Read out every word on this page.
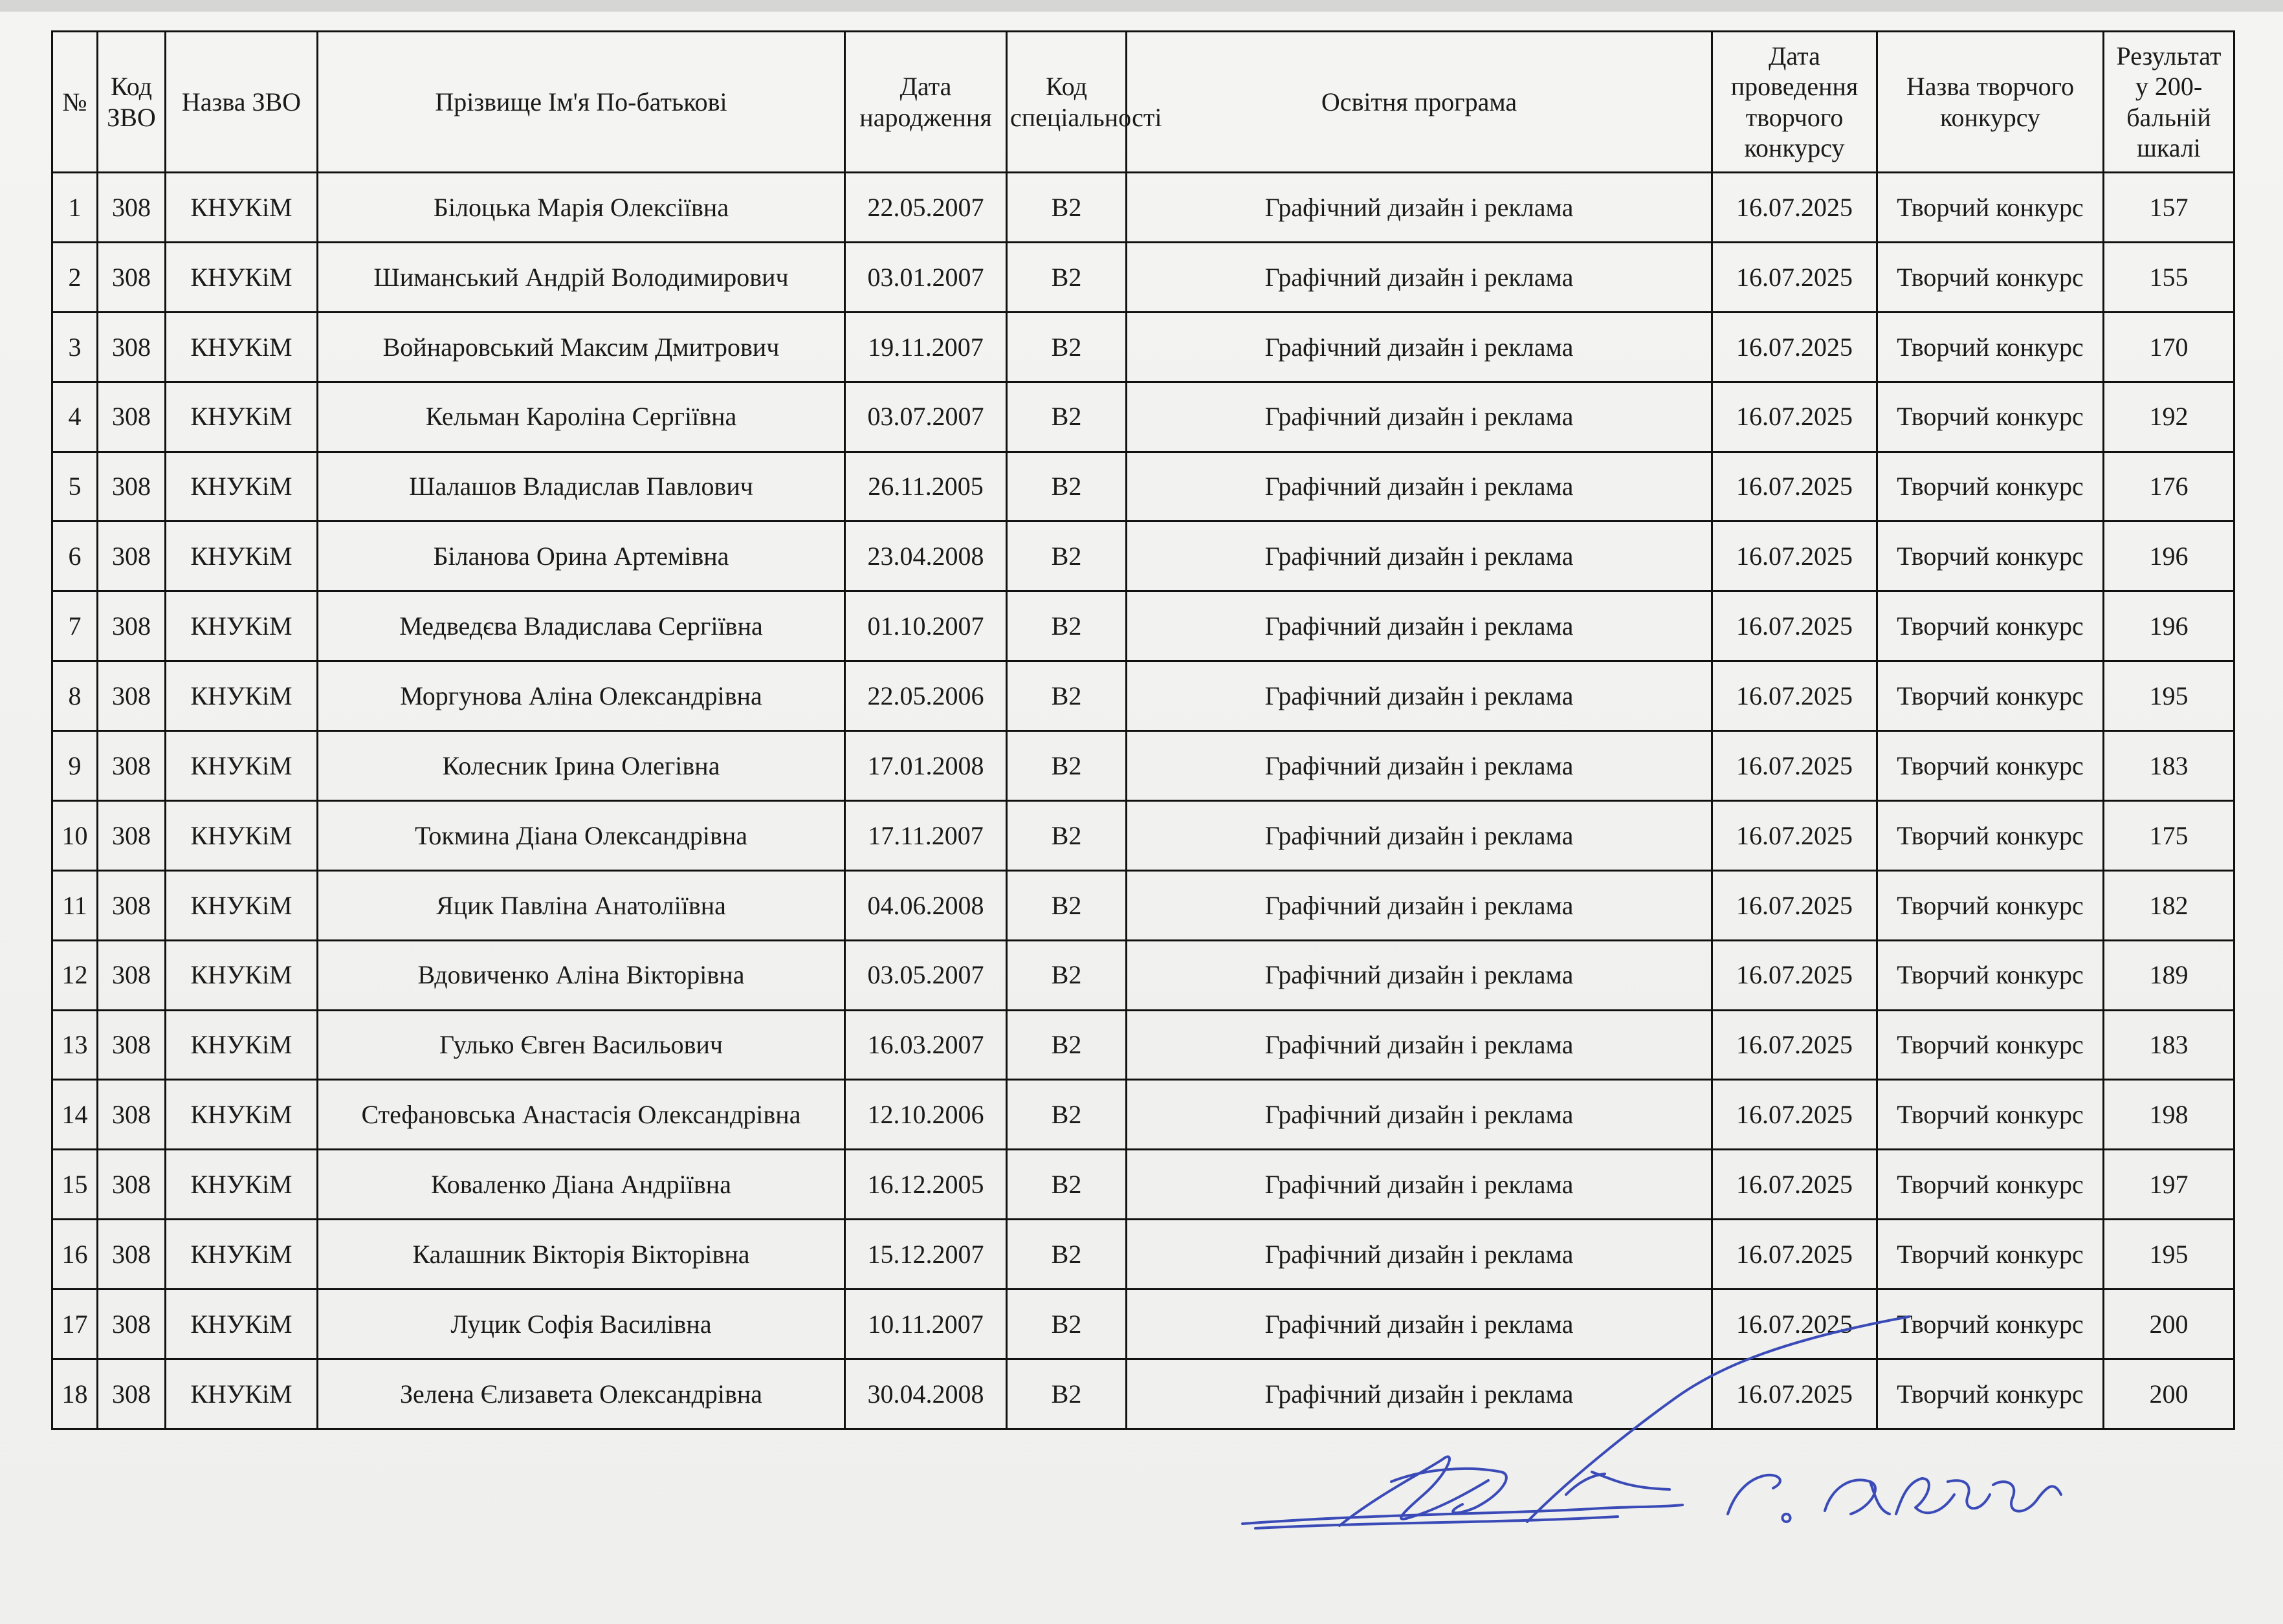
№	Код ЗВО	Назва ЗВО	Прізвище Ім'я По-батькові	Дата народження	Код спеціальності	Освітня програма	Дата проведення творчого конкурсу	Назва творчого конкурсу	Результат у 200-бальній шкалі
1	308	КНУКіМ	Білоцька Марія Олексіївна	22.05.2007	В2	Графічний дизайн і реклама	16.07.2025	Творчий конкурс	157
2	308	КНУКіМ	Шиманський Андрій Володимирович	03.01.2007	В2	Графічний дизайн і реклама	16.07.2025	Творчий конкурс	155
3	308	КНУКіМ	Войнаровський Максим Дмитрович	19.11.2007	В2	Графічний дизайн і реклама	16.07.2025	Творчий конкурс	170
4	308	КНУКіМ	Кельман Кароліна Сергіївна	03.07.2007	В2	Графічний дизайн і реклама	16.07.2025	Творчий конкурс	192
5	308	КНУКіМ	Шалашов Владислав Павлович	26.11.2005	В2	Графічний дизайн і реклама	16.07.2025	Творчий конкурс	176
6	308	КНУКіМ	Біланова Орина Артемівна	23.04.2008	В2	Графічний дизайн і реклама	16.07.2025	Творчий конкурс	196
7	308	КНУКіМ	Медведєва Владислава Сергіївна	01.10.2007	В2	Графічний дизайн і реклама	16.07.2025	Творчий конкурс	196
8	308	КНУКіМ	Моргунова Аліна Олександрівна	22.05.2006	В2	Графічний дизайн і реклама	16.07.2025	Творчий конкурс	195
9	308	КНУКіМ	Колесник Ірина Олегівна	17.01.2008	В2	Графічний дизайн і реклама	16.07.2025	Творчий конкурс	183
10	308	КНУКіМ	Токмина Діана Олександрівна	17.11.2007	В2	Графічний дизайн і реклама	16.07.2025	Творчий конкурс	175
11	308	КНУКіМ	Яцик Павліна Анатоліївна	04.06.2008	В2	Графічний дизайн і реклама	16.07.2025	Творчий конкурс	182
12	308	КНУКіМ	Вдовиченко Аліна Вікторівна	03.05.2007	В2	Графічний дизайн і реклама	16.07.2025	Творчий конкурс	189
13	308	КНУКіМ	Гулько Євген Васильович	16.03.2007	В2	Графічний дизайн і реклама	16.07.2025	Творчий конкурс	183
14	308	КНУКіМ	Стефановська Анастасія Олександрівна	12.10.2006	В2	Графічний дизайн і реклама	16.07.2025	Творчий конкурс	198
15	308	КНУКіМ	Коваленко Діана Андріївна	16.12.2005	В2	Графічний дизайн і реклама	16.07.2025	Творчий конкурс	197
16	308	КНУКіМ	Калашник Вікторія Вікторівна	15.12.2007	В2	Графічний дизайн і реклама	16.07.2025	Творчий конкурс	195
17	308	КНУКіМ	Луцик Софія Василівна	10.11.2007	В2	Графічний дизайн і реклама	16.07.2025	Творчий конкурс	200
18	308	КНУКіМ	Зелена Єлизавета Олександрівна	30.04.2008	В2	Графічний дизайн і реклама	16.07.2025	Творчий конкурс	200
